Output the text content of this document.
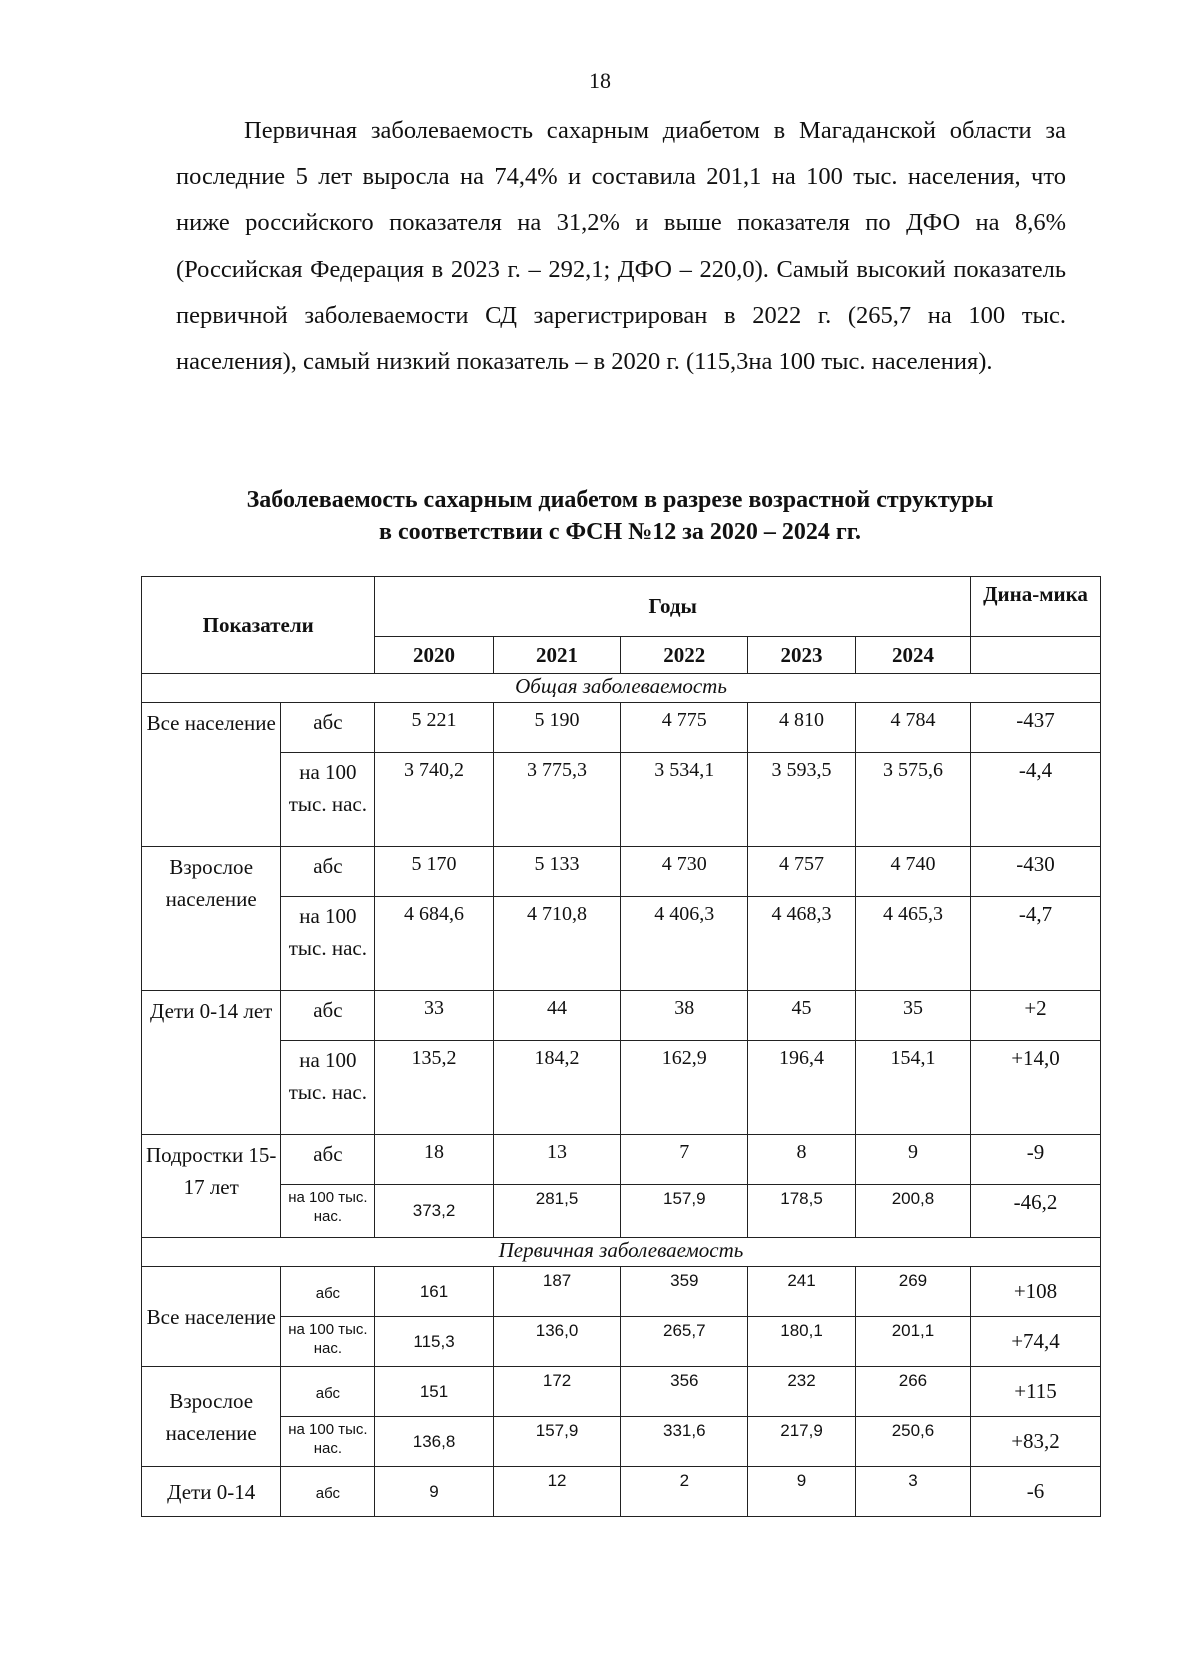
18

Первичная заболеваемость сахарным диабетом в Магаданской области за последние 5 лет выросла на 74,4% и составила 201,1 на 100 тыс. населения, что ниже российского показателя на 31,2% и выше показателя по ДФО на 8,6% (Российская Федерация в 2023 г. – 292,1; ДФО – 220,0). Самый высокий показатель первичной заболеваемости СД зарегистрирован в 2022 г. (265,7 на 100 тыс. населения), самый низкий показатель – в 2020 г. (115,3на 100 тыс. населения).

Заболеваемость сахарным диабетом в разрезе возрастной структуры
в соответствии с ФСН №12 за 2020 – 2024 гг.
Показатели		Годы					Дина-мика
		2020	2021	2022	2023	2024	
Общая заболеваемость							
Все население	абс	5 221	5 190	4 775	4 810	4 784	-437
	на 100 тыс. нас.	3 740,2	3 775,3	3 534,1	3 593,5	3 575,6	-4,4
Взрослое население	абс	5 170	5 133	4 730	4 757	4 740	-430
	на 100 тыс. нас.	4 684,6	4 710,8	4 406,3	4 468,3	4 465,3	-4,7
Дети 0-14 лет	абс	33	44	38	45	35	+2
	на 100 тыс. нас.	135,2	184,2	162,9	196,4	154,1	+14,0
Подростки 15-17 лет	абс	18	13	7	8	9	-9
	на 100 тыс. нас.	373,2	281,5	157,9	178,5	200,8	-46,2
Первичная заболеваемость							
Все население	абс	161	187	359	241	269	+108
	на 100 тыс. нас.	115,3	136,0	265,7	180,1	201,1	+74,4
Взрослое население	абс	151	172	356	232	266	+115
	на 100 тыс. нас.	136,8	157,9	331,6	217,9	250,6	+83,2
Дети 0-14	абс	9	12	2	9	3	-6
